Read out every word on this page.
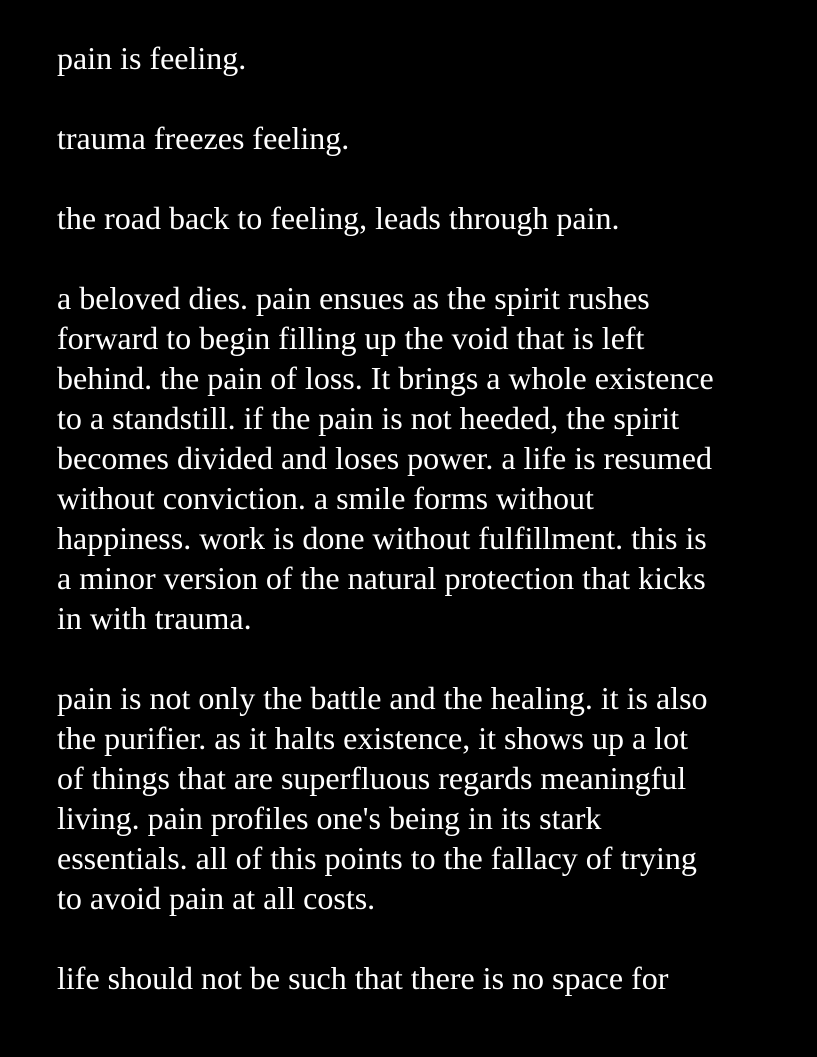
pain is feeling.
trauma freezes feeling.
the road back to feeling, leads through pain.
a beloved dies. pain ensues as the spirit rushes
forward to begin filling up the void that is left
behind. the pain of loss. It brings a whole existence
to a standstill. if the pain is not heeded, the spirit
becomes divided and loses power. a life is resumed
without conviction. a smile forms without
happiness. work is done without fulfillment. this is
a minor version of the natural protection that kicks
in with trauma.
pain is not only the battle and the healing. it is also
the purifier. as it halts existence, it shows up a lot
of things that are superfluous regards meaningful
living. pain profiles one's being in its stark
essentials. all of this points to the fallacy of trying
to avoid pain at all costs.
life should not be such that there is no space for
